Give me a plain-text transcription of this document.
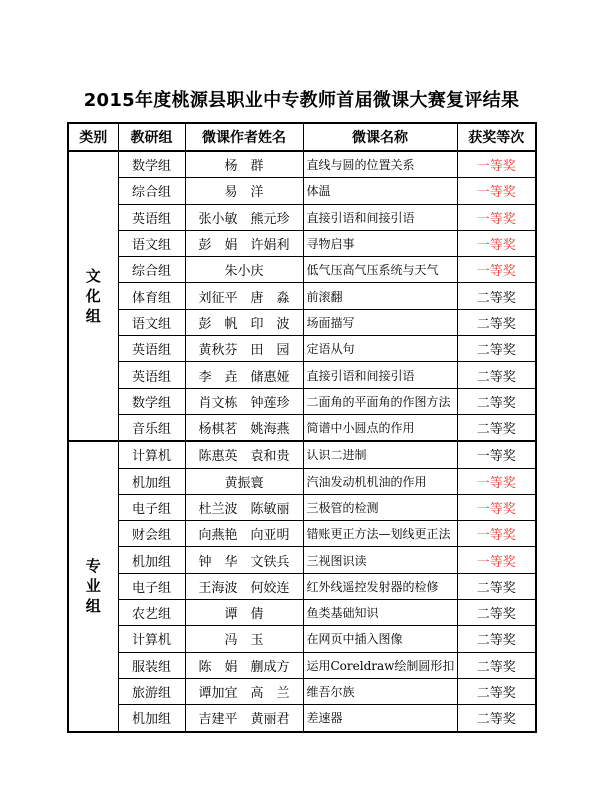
2015年度桃源县职业中专教师首届微课大赛复评结果
类别	教研组	微课作者姓名	微课名称	获奖等次

文
化
组	数学组	杨　群	直线与圆的位置关系	一等奖
	综合组	易　洋	体温	一等奖
	英语组	张小敏　熊元珍	直接引语和间接引语	一等奖
	语文组	彭　娟　许娟利	寻物启事	一等奖
	综合组	朱小庆	低气压高气压系统与天气	一等奖
	体育组	刘征平　唐　淼	前滚翻	二等奖
	语文组	彭　帆　印　波	场面描写	二等奖
	英语组	黄秋芬　田　园	定语从句	二等奖
	英语组	李　垚　储惠娅	直接引语和间接引语	二等奖
	数学组	肖文栋　钟莲珍	二面角的平面角的作图方法	二等奖
	音乐组	杨棋茗　姚海燕	简谱中小圆点的作用	二等奖

专
业
组	计算机	陈惠英　袁和贵	认识二进制	一等奖
	机加组	黄振寰	汽油发动机机油的作用	一等奖
	电子组	杜兰波　陈敏丽	三极管的检测	一等奖
	财会组	向燕艳　向亚明	错账更正方法—划线更正法	一等奖
	机加组	钟　华　文铁兵	三视图识读	一等奖
	电子组	王海波　何姣连	红外线遥控发射器的检修	二等奖
	农艺组	谭　倩	鱼类基础知识	二等奖
	计算机	冯　玉	在网页中插入图像	二等奖
	服装组	陈　娟　蒯成方	运用Coreldraw绘制圆形扣	二等奖
	旅游组	谭加宜　高　兰	维吾尔族	二等奖
	机加组	吉建平　黄丽君	差速器	二等奖
